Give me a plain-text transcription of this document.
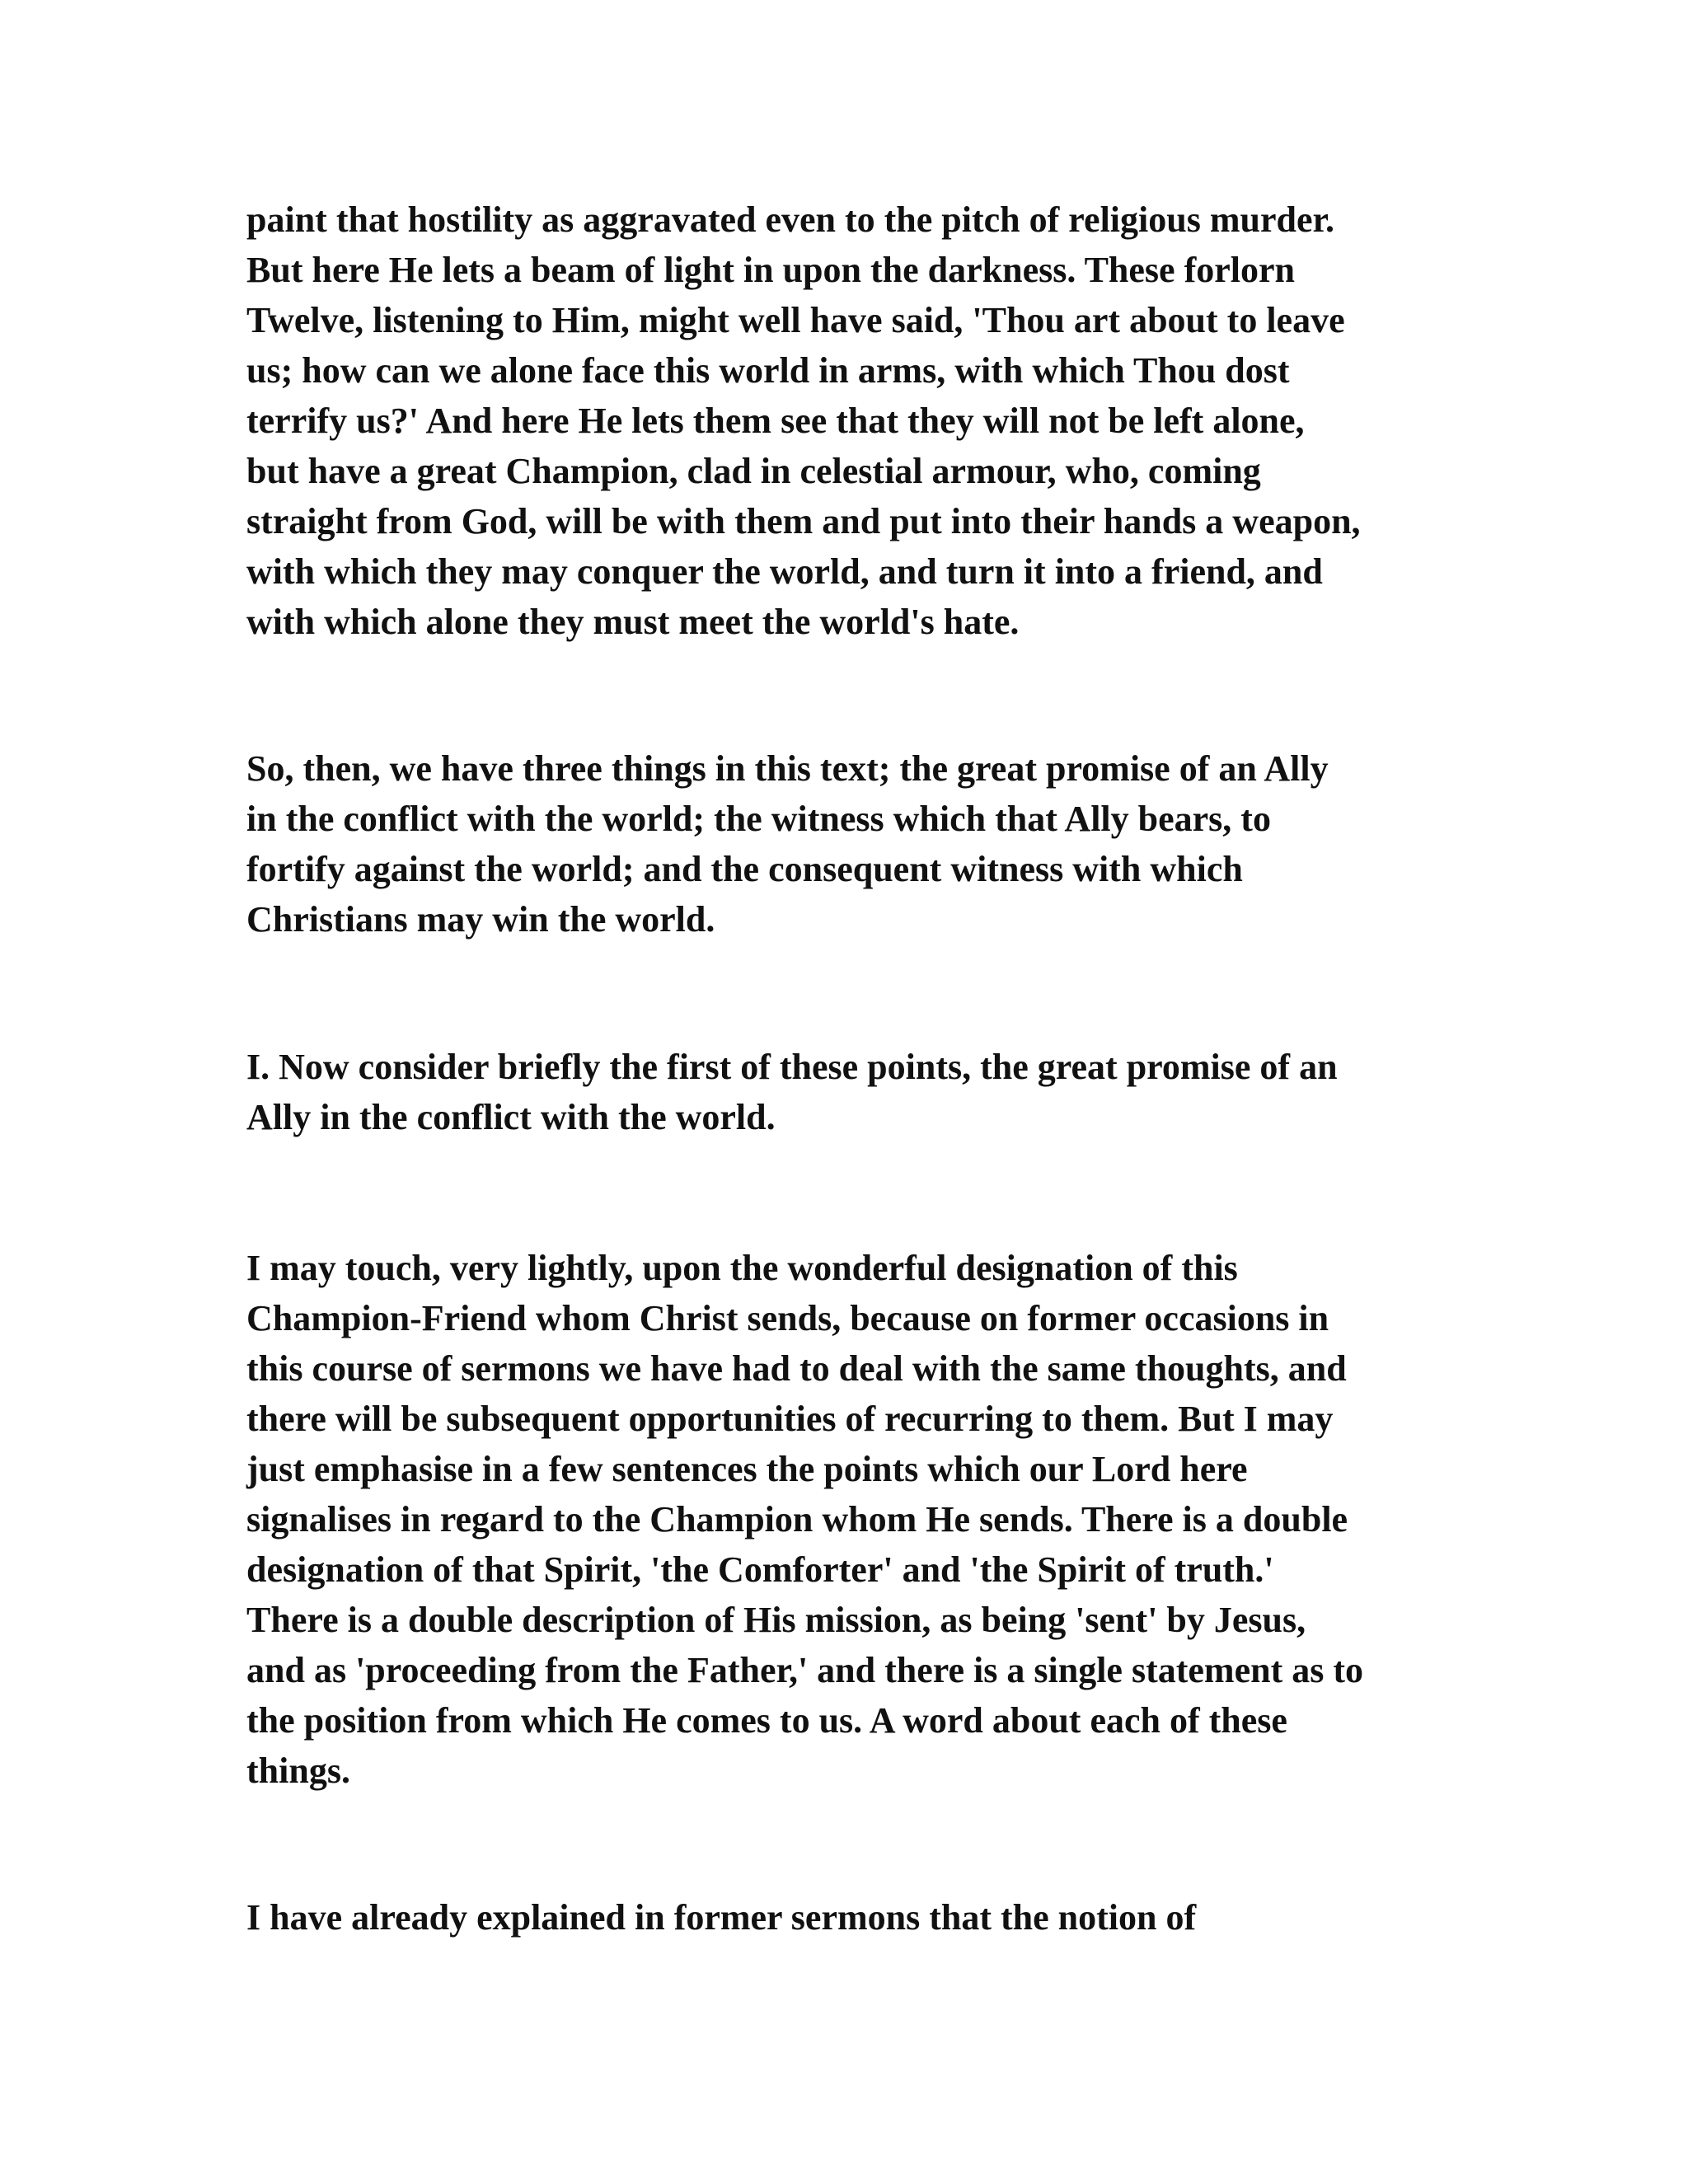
paint that hostility as aggravated even to the pitch of religious murder.
But here He lets a beam of light in upon the darkness. These forlorn
Twelve, listening to Him, might well have said, 'Thou art about to leave
us; how can we alone face this world in arms, with which Thou dost
terrify us?' And here He lets them see that they will not be left alone,
but have a great Champion, clad in celestial armour, who, coming
straight from God, will be with them and put into their hands a weapon,
with which they may conquer the world, and turn it into a friend, and
with which alone they must meet the world's hate.
So, then, we have three things in this text; the great promise of an Ally
in the conflict with the world; the witness which that Ally bears, to
fortify against the world; and the consequent witness with which
Christians may win the world.
I. Now consider briefly the first of these points, the great promise of an
Ally in the conflict with the world.
I may touch, very lightly, upon the wonderful designation of this
Champion-Friend whom Christ sends, because on former occasions in
this course of sermons we have had to deal with the same thoughts, and
there will be subsequent opportunities of recurring to them. But I may
just emphasise in a few sentences the points which our Lord here
signalises in regard to the Champion whom He sends. There is a double
designation of that Spirit, 'the Comforter' and 'the Spirit of truth.'
There is a double description of His mission, as being 'sent' by Jesus,
and as 'proceeding from the Father,' and there is a single statement as to
the position from which He comes to us. A word about each of these
things.
I have already explained in former sermons that the notion of
